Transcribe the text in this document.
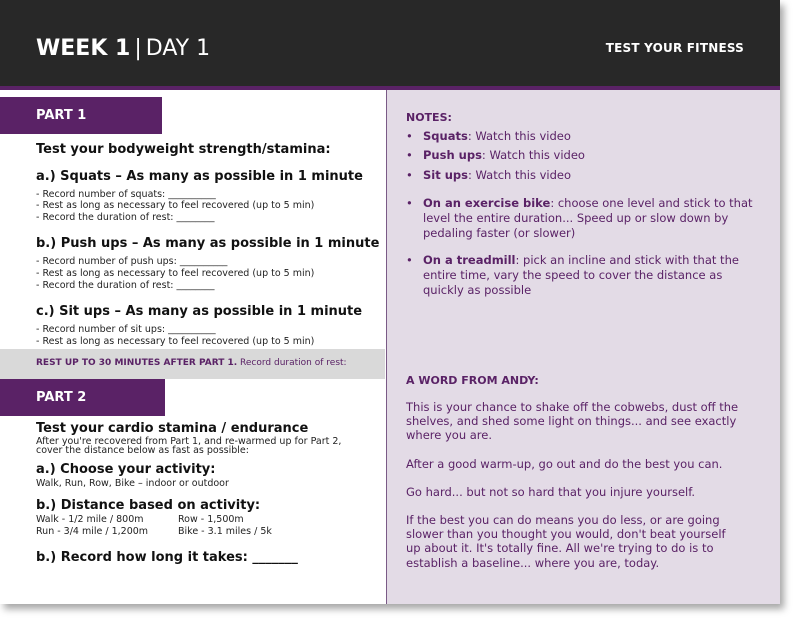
WEEK 1 | DAY 1	TEST YOUR FITNESS
PART 1
Test your bodyweight strength/stamina:
a.) Squats – As many as possible in 1 minute
- Record number of squats: __________
- Rest as long as necessary to feel recovered (up to 5 min)
- Record the duration of rest: ________
b.) Push ups – As many as possible in 1 minute
- Record number of push ups: __________
- Rest as long as necessary to feel recovered (up to 5 min)
- Record the duration of rest: ________
c.) Sit ups – As many as possible in 1 minute
- Record number of sit ups: __________
- Rest as long as necessary to feel recovered (up to 5 min)
REST UP TO 30 MINUTES AFTER PART 1. Record duration of rest:
PART 2
Test your cardio stamina / endurance
After you're recovered from Part 1, and re-warmed up for Part 2,
cover the distance below as fast as possible:
a.) Choose your activity:
Walk, Run, Row, Bike – indoor or outdoor
b.) Distance based on activity:
Walk - 1/2 mile / 800m	Row - 1,500m
Run - 3/4 mile / 1,200m	Bike - 3.1 miles / 5k
b.) Record how long it takes: _______
NOTES:
• Squats: Watch this video
• Push ups: Watch this video
• Sit ups: Watch this video
• On an exercise bike: choose one level and stick to that
level the entire duration... Speed up or slow down by
pedaling faster (or slower)
• On a treadmill: pick an incline and stick with that the
entire time, vary the speed to cover the distance as
quickly as possible
A WORD FROM ANDY:
This is your chance to shake off the cobwebs, dust off the
shelves, and shed some light on things... and see exactly
where you are.
After a good warm-up, go out and do the best you can.
Go hard... but not so hard that you injure yourself.
If the best you can do means you do less, or are going
slower than you thought you would, don't beat yourself
up about it. It's totally fine. All we're trying to do is to
establish a baseline... where you are, today.
